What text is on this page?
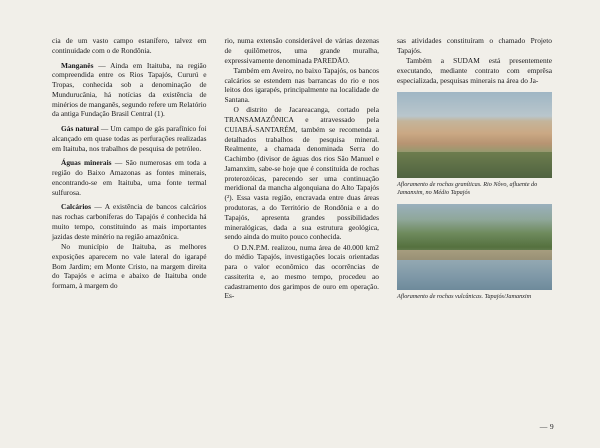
cia de um vasto campo estanífero, talvez em continuidade com o de Rondônia.

Manganês — Ainda em Itaituba, na região compreendida entre os Rios Tapajós, Cururú e Tropas, conhecida sob a denominação de Mundurucânia, há notícias da existência de minérios de manganês, segundo refere um Relatório da antiga Fundação Brasil Central (1).

Gás natural — Um campo de gás parafínico foi alcançado em quase todas as perfurações realizadas em Itaituba, nos trabalhos de pesquisa de petróleo.

Águas minerais — São numerosas em toda a região do Baixo Amazonas as fontes minerais, encontrando-se em Itaituba, uma fonte termal sulfurosa.

Calcários — A existência de bancos calcários nas rochas carboníferas do Tapajós é conhecida há muito tempo, constituindo as mais importantes jazidas deste minério na região amazônica.

No município de Itaituba, as melhores exposições aparecem no vale lateral do igarapé Bom Jardim; em Monte Cristo, na margem direita do Tapajós e acima e abaixo de Itaituba onde formam, à margem do

rio, numa extensão considerável de várias dezenas de quilômetros, uma grande muralha, expressivamente denominada PAREDÃO.

Também em Aveiro, no baixo Tapajós, os bancos calcários se estendem nas barrancas do rio e nos leitos dos igarapés, principalmente na localidade de Santana.

O distrito de Jacareacanga, cortado pela TRANSAMAZÔNICA e atravessado pela CUIABÁ-SANTARÉM, também se recomenda a detalhados trabalhos de pesquisa mineral. Realmente, a chamada denominada Serra do Cachimbo (divisor de águas dos rios São Manuel e Jamanxim, sabe-se hoje que é constituída de rochas proterozóicas, parecendo ser uma continuação meridional da mancha algonquiana do Alto Tapajós (²). Essa vasta região, encravada entre duas áreas produtoras, a do Território de Rondônia e a do Tapajós, apresenta grandes possibilidades mineralógicas, dada a sua estrutura geológica, sendo ainda do muito pouco conhecida.

O D.N.P.M. realizou, numa área de 40.000 km2 do médio Tapajós, investigações locais orientadas para o valor econômico das ocorrências de cassiterita e, ao mesmo tempo, procedeu ao cadastramento dos garimpos de ouro em operação. Es-

sas atividades constituíram o chamado Projeto Tapajós.

Também a SUDAM está presentemente executando, mediante contrato com emprêsa especializada, pesquisas minerais na área do Ja-

Afloramento de rochas graníticas. Rio Nôvo, afluente do Jamanxim, no Médio Tapajós
Afloramento de rochas vulcânicas. Tapajós/Jamanxim
— 9
